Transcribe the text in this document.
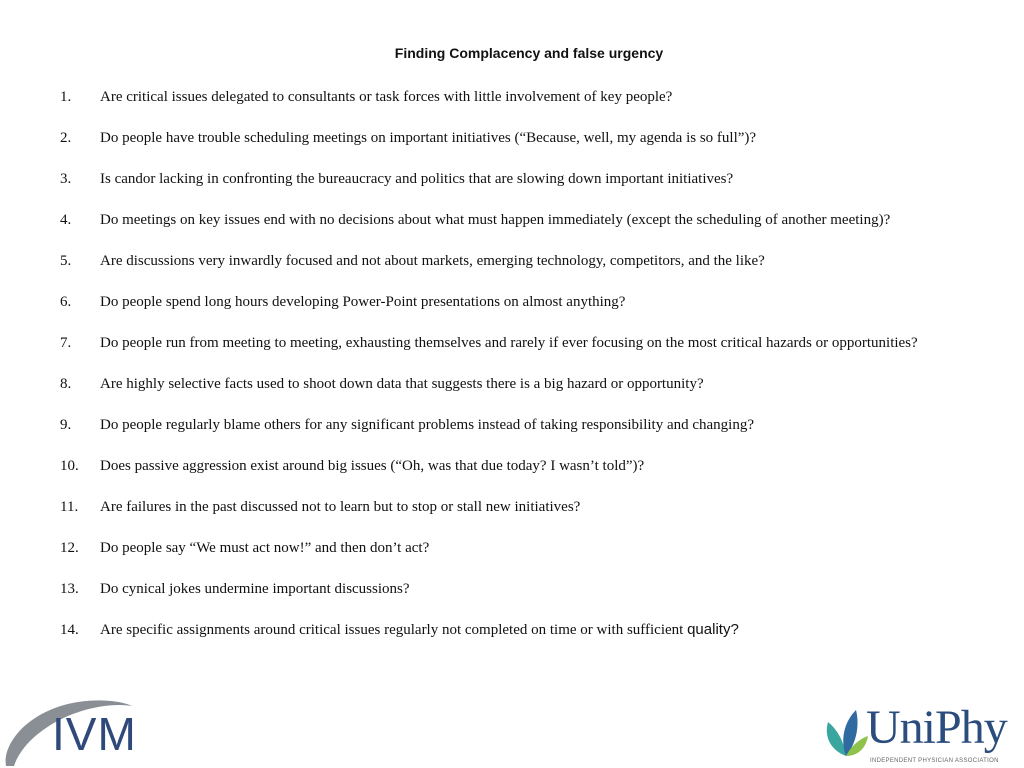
Finding Complacency and false urgency
1.	Are critical issues delegated to consultants or task forces with little involvement of key people?
2.	Do people have trouble scheduling meetings on important initiatives (“Because, well, my agenda is so full”)?
3.	Is candor lacking in confronting the bureaucracy and politics that are slowing down important initiatives?
4.	Do meetings on key issues end with no decisions about what must happen immediately (except the scheduling of another meeting)?
5.	Are discussions very inwardly focused and not about markets, emerging technology, competitors, and the like?
6.	Do people spend long hours developing Power-Point presentations on almost anything?
7.	Do people run from meeting to meeting, exhausting themselves and rarely if ever focusing on the most critical hazards or opportunities?
8.	Are highly selective facts used to shoot down data that suggests there is a big hazard or opportunity?
9.	Do people regularly blame others for any significant problems instead of taking responsibility and changing?
10.	Does passive aggression exist around big issues (“Oh, was that due today? I wasn’t told”)?
11.	Are failures in the past discussed not to learn but to stop or stall new initiatives?
12.	Do people say “We must act now!” and then don’t act?
13.	Do cynical jokes undermine important discussions?
14.	Are specific assignments around critical issues regularly not completed on time or with sufficient quality?
IVM	UniPhy
INDEPENDENT PHYSICIAN ASSOCIATION
